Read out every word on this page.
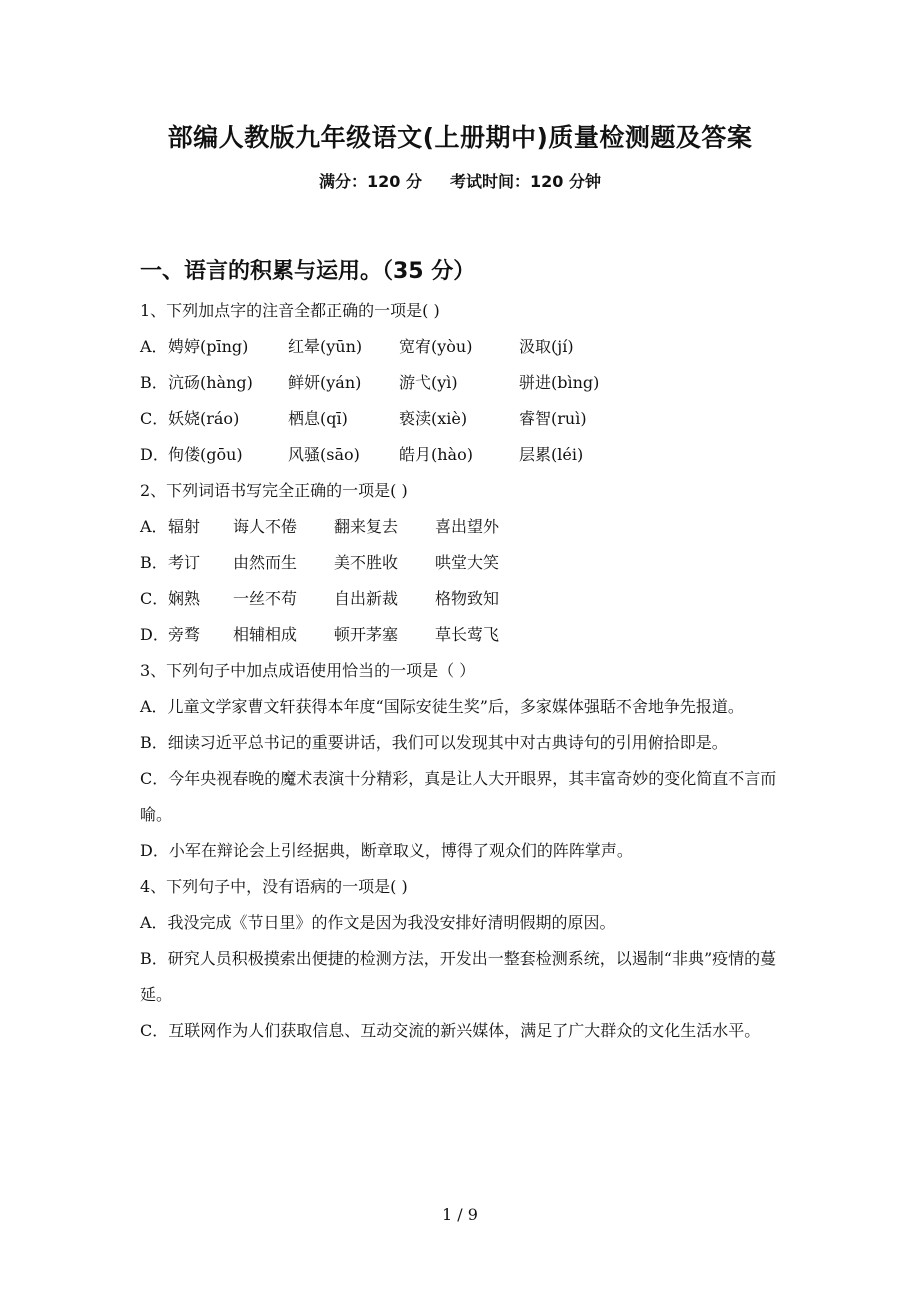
部编人教版九年级语文(上册期中)质量检测题及答案
满分：120 分 考试时间：120 分钟
一、语言的积累与运用。（35 分）
1、下列加点字的注音全都正确的一项是( )
A． 娉婷(pīng)	红晕(yūn)	宽宥(yòu)	汲取(jí)
B． 沆砀(hàng)	鲜妍(yán)	游弋(yì)	骈进(bìng)
C． 妖娆(ráo)	栖息(qī)	亵渎(xiè)	睿智(ruì)
D． 佝偻(gōu)	风骚(sāo)	皓月(hào)	层累(léi)
2、下列词语书写完全正确的一项是( )
A． 辐射	诲人不倦	翻来复去	喜出望外
B． 考订	由然而生	美不胜收	哄堂大笑
C． 娴熟	一丝不苟	自出新裁	格物致知
D． 旁骛	相辅相成	顿开茅塞	草长莺飞
3、下列句子中加点成语使用恰当的一项是（ ）
A．儿童文学家曹文轩获得本年度“国际安徒生奖”后，多家媒体强聒不舍地争先报道。
B．细读习近平总书记的重要讲话，我们可以发现其中对古典诗句的引用俯拾即是。
C．今年央视春晚的魔术表演十分精彩，真是让人大开眼界，其丰富奇妙的变化简直不言而喻。
D．小军在辩论会上引经据典，断章取义，博得了观众们的阵阵掌声。
4、下列句子中，没有语病的一项是( )
A．我没完成《节日里》的作文是因为我没安排好清明假期的原因。
B．研究人员积极摸索出便捷的检测方法，开发出一整套检测系统，以遏制“非典”疫情的蔓延。
C．互联网作为人们获取信息、互动交流的新兴媒体，满足了广大群众的文化生活水平。
1 / 9
